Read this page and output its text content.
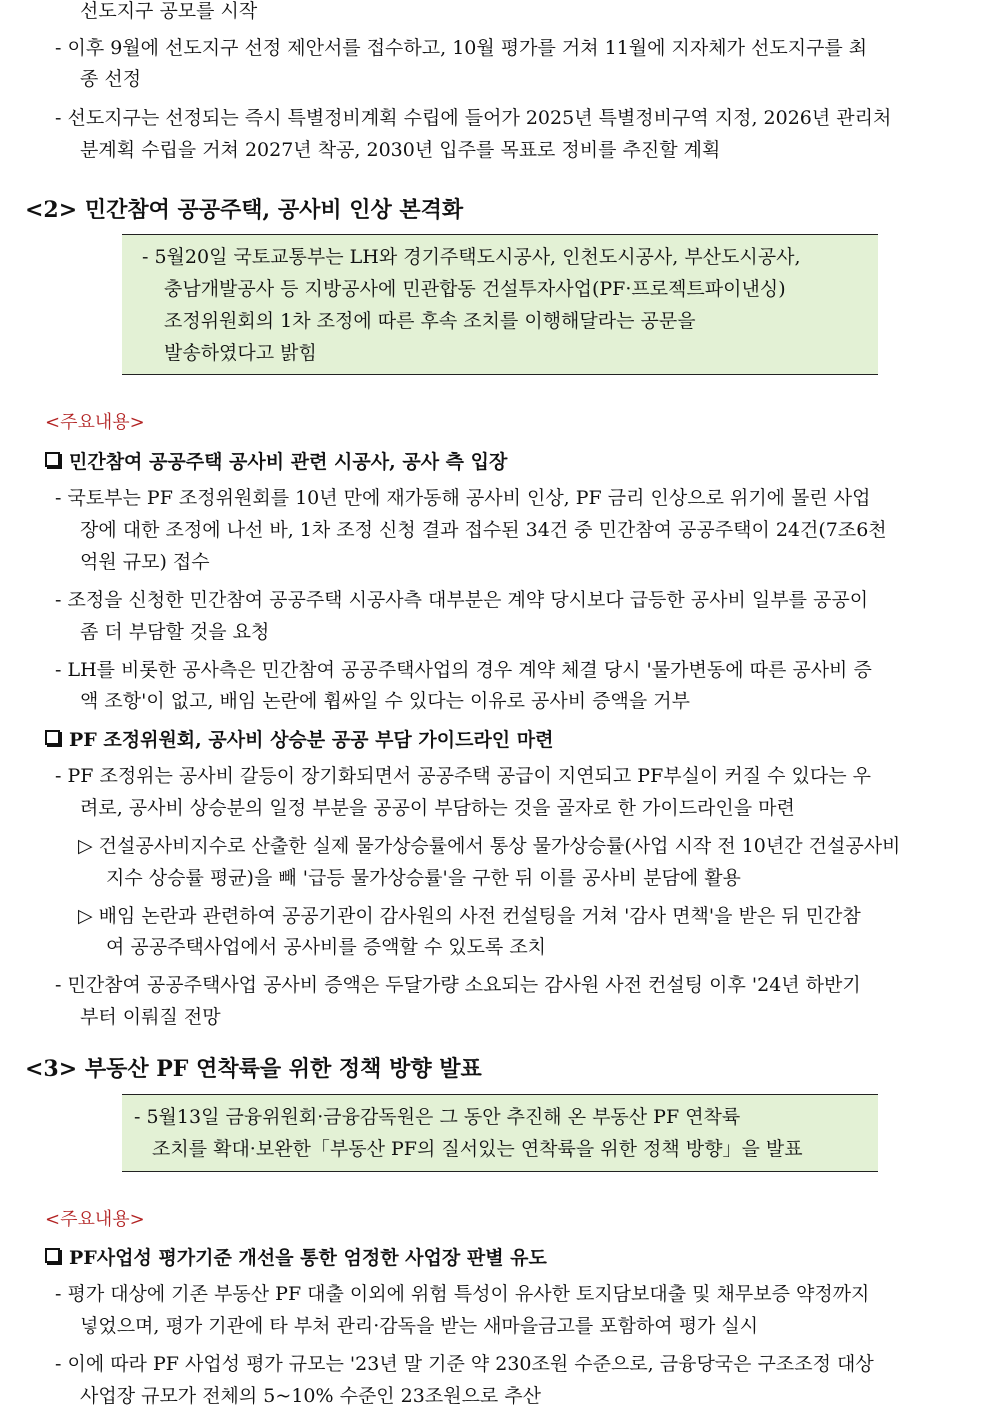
선도지구 공모를 시작
- 이후 9월에 선도지구 선정 제안서를 접수하고, 10월 평가를 거쳐 11월에 지자체가 선도지구를 최
종 선정
- 선도지구는 선정되는 즉시 특별정비계획 수립에 들어가 2025년 특별정비구역 지정, 2026년 관리처
분계획 수립을 거쳐 2027년 착공, 2030년 입주를 목표로 정비를 추진할 계획
<2> 민간참여 공공주택, 공사비 인상 본격화
- 5월20일 국토교통부는 LH와 경기주택도시공사, 인천도시공사, 부산도시공사,
충남개발공사 등 지방공사에 민관합동 건설투자사업(PF·프로젝트파이낸싱)
조정위원회의 1차 조정에 따른 후속 조치를 이행해달라는 공문을
발송하였다고 밝힘
<주요내용>
민간참여 공공주택 공사비 관련 시공사, 공사 측 입장
- 국토부는 PF 조정위원회를 10년 만에 재가동해 공사비 인상, PF 금리 인상으로 위기에 몰린 사업
장에 대한 조정에 나선 바, 1차 조정 신청 결과 접수된 34건 중 민간참여 공공주택이 24건(7조6천
억원 규모) 접수
- 조정을 신청한 민간참여 공공주택 시공사측 대부분은 계약 당시보다 급등한 공사비 일부를 공공이
좀 더 부담할 것을 요청
- LH를 비롯한 공사측은 민간참여 공공주택사업의 경우 계약 체결 당시 '물가변동에 따른 공사비 증
액 조항'이 없고, 배임 논란에 휩싸일 수 있다는 이유로 공사비 증액을 거부
PF 조정위원회, 공사비 상승분 공공 부담 가이드라인 마련
- PF 조정위는 공사비 갈등이 장기화되면서 공공주택 공급이 지연되고 PF부실이 커질 수 있다는 우
려로, 공사비 상승분의 일정 부분을 공공이 부담하는 것을 골자로 한 가이드라인을 마련
▷ 건설공사비지수로 산출한 실제 물가상승률에서 통상 물가상승률(사업 시작 전 10년간 건설공사비
지수 상승률 평균)을 빼 '급등 물가상승률'을 구한 뒤 이를 공사비 분담에 활용
▷ 배임 논란과 관련하여 공공기관이 감사원의 사전 컨설팅을 거쳐 '감사 면책'을 받은 뒤 민간참
여 공공주택사업에서 공사비를 증액할 수 있도록 조치
- 민간참여 공공주택사업 공사비 증액은 두달가량 소요되는 감사원 사전 컨설팅 이후 '24년 하반기
부터 이뤄질 전망
<3> 부동산 PF 연착륙을 위한 정책 방향 발표
- 5월13일 금융위원회·금융감독원은 그 동안 추진해 온 부동산 PF 연착륙
조치를 확대·보완한「부동산 PF의 질서있는 연착륙을 위한 정책 방향」을 발표
<주요내용>
PF사업성 평가기준 개선을 통한 엄정한 사업장 판별 유도
- 평가 대상에 기존 부동산 PF 대출 이외에 위험 특성이 유사한 토지담보대출 및 채무보증 약정까지
넣었으며, 평가 기관에 타 부처 관리·감독을 받는 새마을금고를 포함하여 평가 실시
- 이에 따라 PF 사업성 평가 규모는 '23년 말 기준 약 230조원 수준으로, 금융당국은 구조조정 대상
사업장 규모가 전체의 5~10% 수준인 23조원으로 추산
